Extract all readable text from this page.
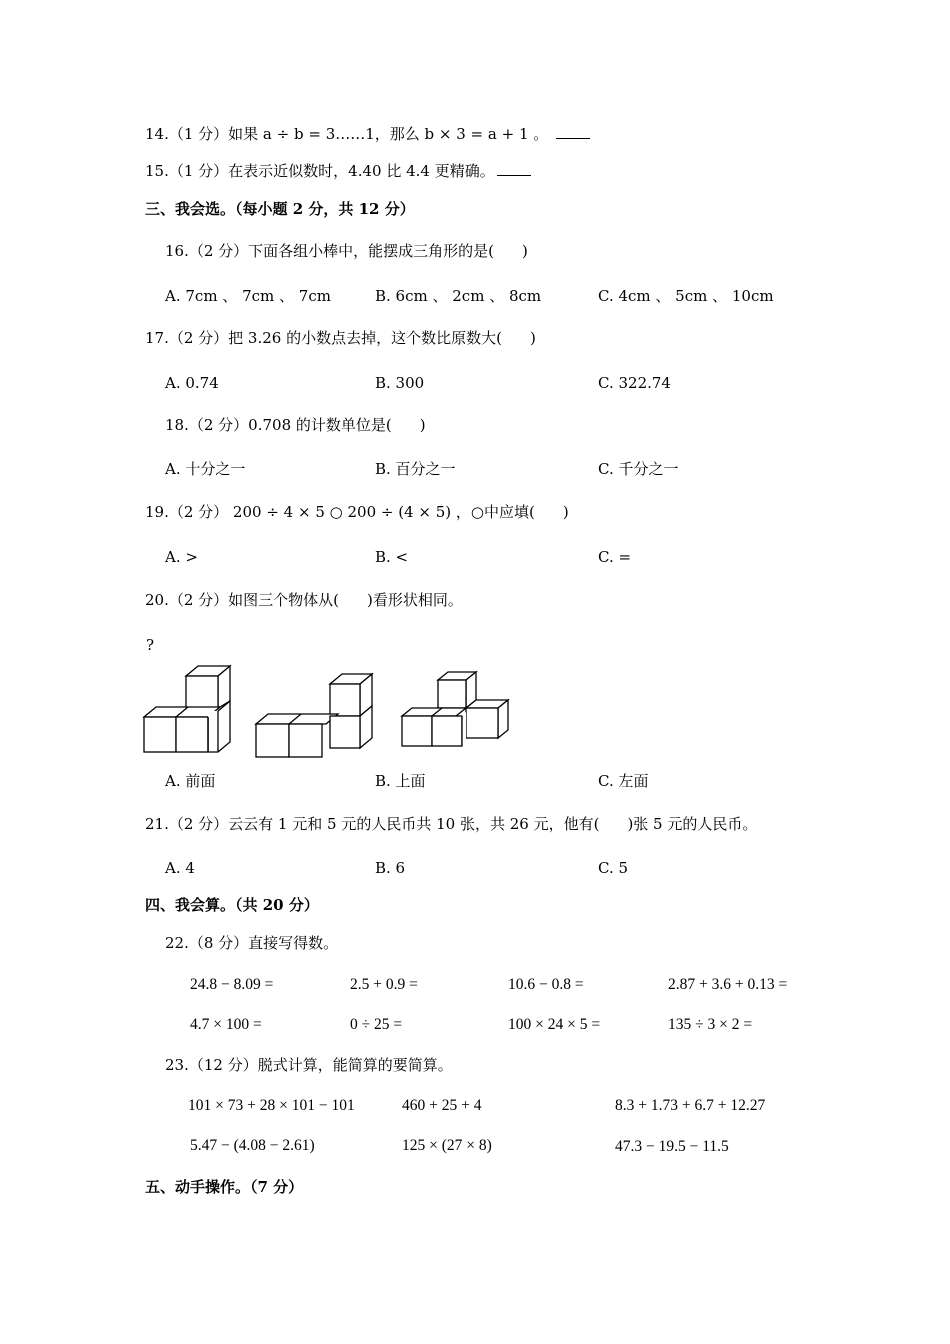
14.（1 分）如果 a ÷ b = 3……1，那么 b × 3 = a + 1 。
15.（1 分）在表示近似数时，4.40 比 4.4 更精确。
三、我会选。（每小题 2 分，共 12 分）
16.（2 分）下面各组小棒中，能摆成三角形的是( )
A. 7cm 、 7cm 、 7cm	B. 6cm 、 2cm 、 8cm	C. 4cm 、 5cm 、 10cm
17.（2 分）把 3.26 的小数点去掉，这个数比原数大( )
A. 0.74	B. 300	C. 322.74
18.（2 分）0.708 的计数单位是( )
A. 十分之一	B. 百分之一	C. 千分之一
19.（2 分） 200 ÷ 4 × 5 ○ 200 ÷ (4 × 5) ，○中应填( )
A. >	B. <	C. =
20.（2 分）如图三个物体从( )看形状相同。
?
A. 前面	B. 上面	C. 左面
21.（2 分）云云有 1 元和 5 元的人民币共 10 张，共 26 元，他有( )张 5 元的人民币。
A. 4	B. 6	C. 5
四、我会算。（共 20 分）
22.（8 分）直接写得数。
24.8 − 8.09 =	2.5 + 0.9 =	10.6 − 0.8 =	2.87 + 3.6 + 0.13 =
4.7 × 100 =	0 ÷ 25 =	100 × 24 × 5 =	135 ÷ 3 × 2 =
23.（12 分）脱式计算，能简算的要简算。
101 × 73 + 28 × 101 − 101	460 + 25 + 4	8.3 + 1.73 + 6.7 + 12.27
5.47 − (4.08 − 2.61)	125 × (27 × 8)	47.3 − 19.5 − 11.5
五、动手操作。（7 分）
